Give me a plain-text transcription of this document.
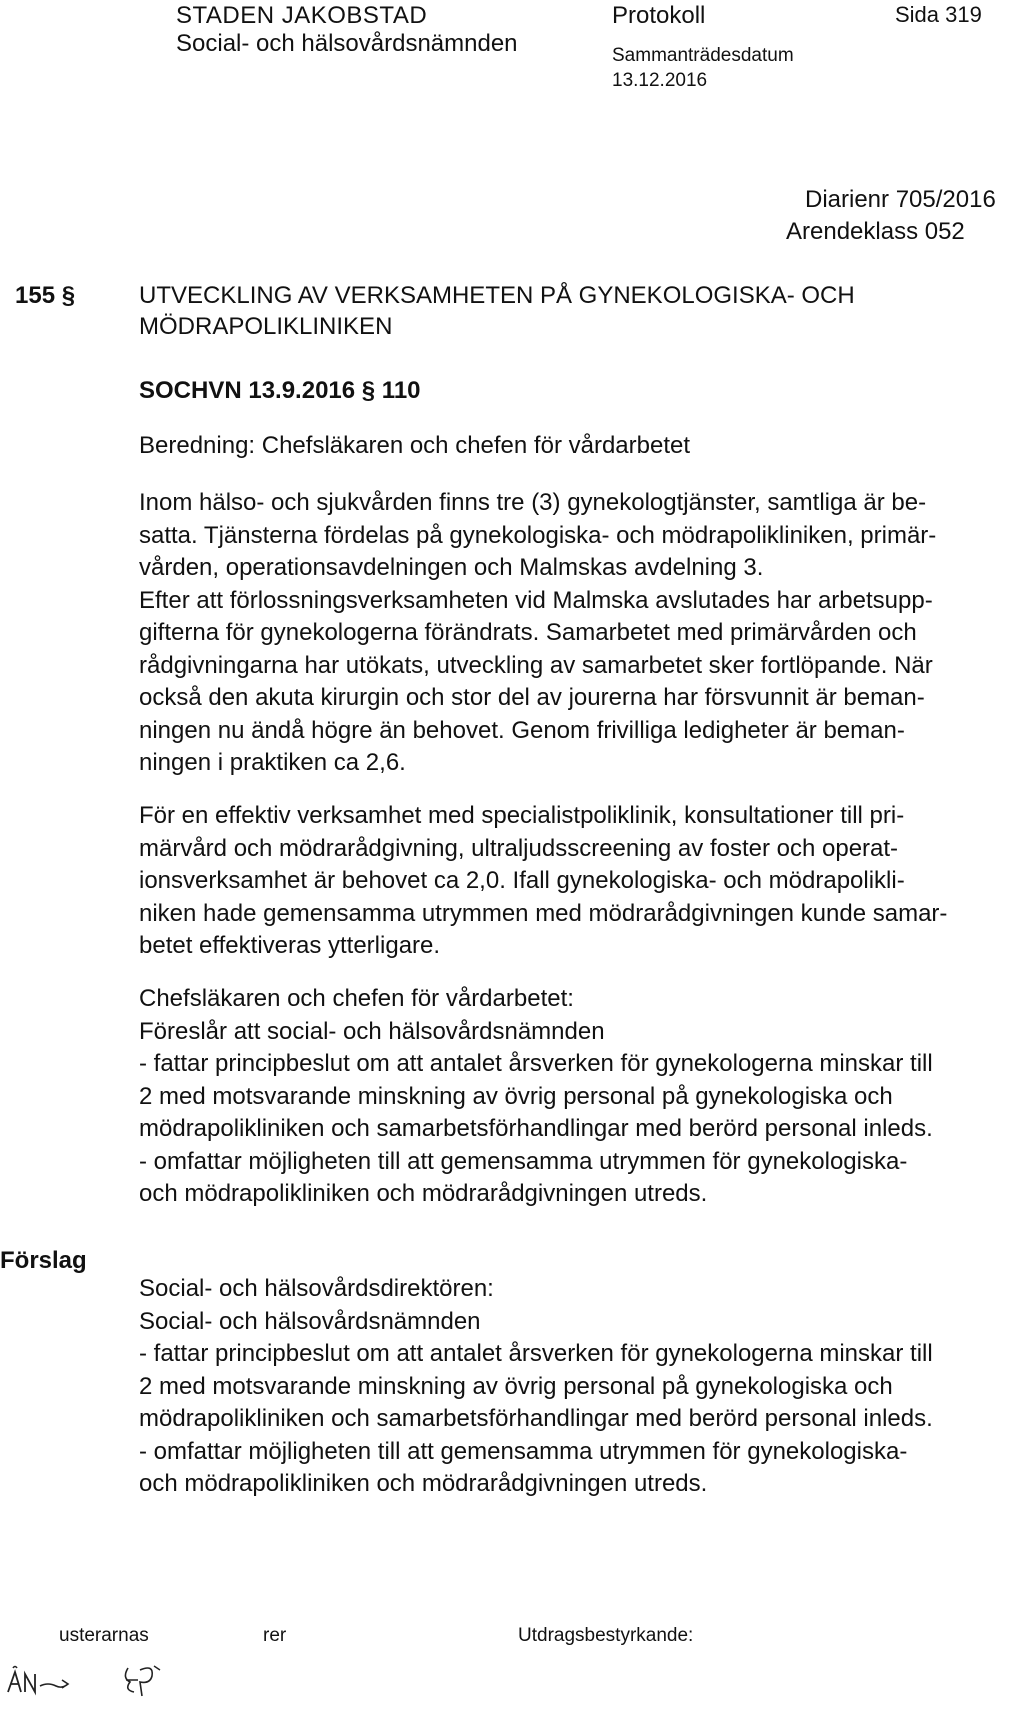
STADEN JAKOBSTAD
Social- och hälsovårdsnämnden
Protokoll	Sida 319
Sammanträdesdatum
13.12.2016
Diarienr 705/2016
Arendeklass 052
155 §	UTVECKLING AV VERKSAMHETEN PÅ GYNEKOLOGISKA- OCH
MÖDRAPOLIKLINIKEN
SOCHVN 13.9.2016 § 110
Beredning: Chefsläkaren och chefen för vårdarbetet
Inom hälso- och sjukvården finns tre (3) gynekologtjänster, samtliga är be-
satta. Tjänsterna fördelas på gynekologiska- och mödrapolikliniken, primär-
vården, operationsavdelningen och Malmskas avdelning 3.
Efter att förlossningsverksamheten vid Malmska avslutades har arbetsupp-
gifterna för gynekologerna förändrats. Samarbetet med primärvården och
rådgivningarna har utökats, utveckling av samarbetet sker fortlöpande. När
också den akuta kirurgin och stor del av jourerna har försvunnit är beman-
ningen nu ändå högre än behovet. Genom frivilliga ledigheter är beman-
ningen i praktiken ca 2,6.
För en effektiv verksamhet med specialistpoliklinik, konsultationer till pri-
märvård och mödrarådgivning, ultraljudsscreening av foster och operat-
ionsverksamhet är behovet ca 2,0. Ifall gynekologiska- och mödrapolikli-
niken hade gemensamma utrymmen med mödrarådgivningen kunde samar-
betet effektiveras ytterligare.
Chefsläkaren och chefen för vårdarbetet:
Föreslår att social- och hälsovårdsnämnden
- fattar principbeslut om att antalet årsverken för gynekologerna minskar till
2 med motsvarande minskning av övrig personal på gynekologiska och
mödrapolikliniken och samarbetsförhandlingar med berörd personal inleds.
- omfattar möjligheten till att gemensamma utrymmen för gynekologiska-
och mödrapolikliniken och mödrarådgivningen utreds.
Förslag
Social- och hälsovårdsdirektören:
Social- och hälsovårdsnämnden
- fattar principbeslut om att antalet årsverken för gynekologerna minskar till
2 med motsvarande minskning av övrig personal på gynekologiska och
mödrapolikliniken och samarbetsförhandlingar med berörd personal inleds.
- omfattar möjligheten till att gemensamma utrymmen för gynekologiska-
och mödrapolikliniken och mödrarådgivningen utreds.
usterarnas	rer	Utdragsbestyrkande:
